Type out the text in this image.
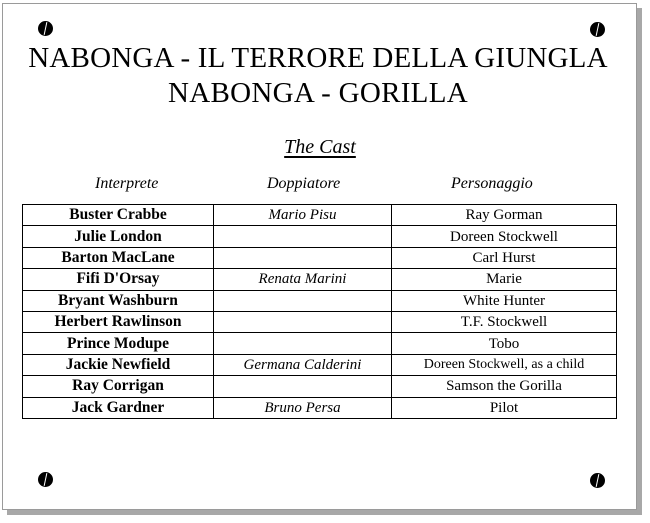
NABONGA - IL TERRORE DELLA GIUNGLA
NABONGA - GORILLA
The Cast
Interprete	Doppiatore	Personaggio
Buster Crabbe	Mario Pisu	Ray Gorman
Julie London		Doreen Stockwell
Barton MacLane		Carl Hurst
Fifi D'Orsay	Renata Marini	Marie
Bryant Washburn		White Hunter
Herbert Rawlinson		T.F. Stockwell
Prince Modupe		Tobo
Jackie Newfield	Germana Calderini	Doreen Stockwell, as a child
Ray Corrigan		Samson the Gorilla
Jack Gardner	Bruno Persa	Pilot
